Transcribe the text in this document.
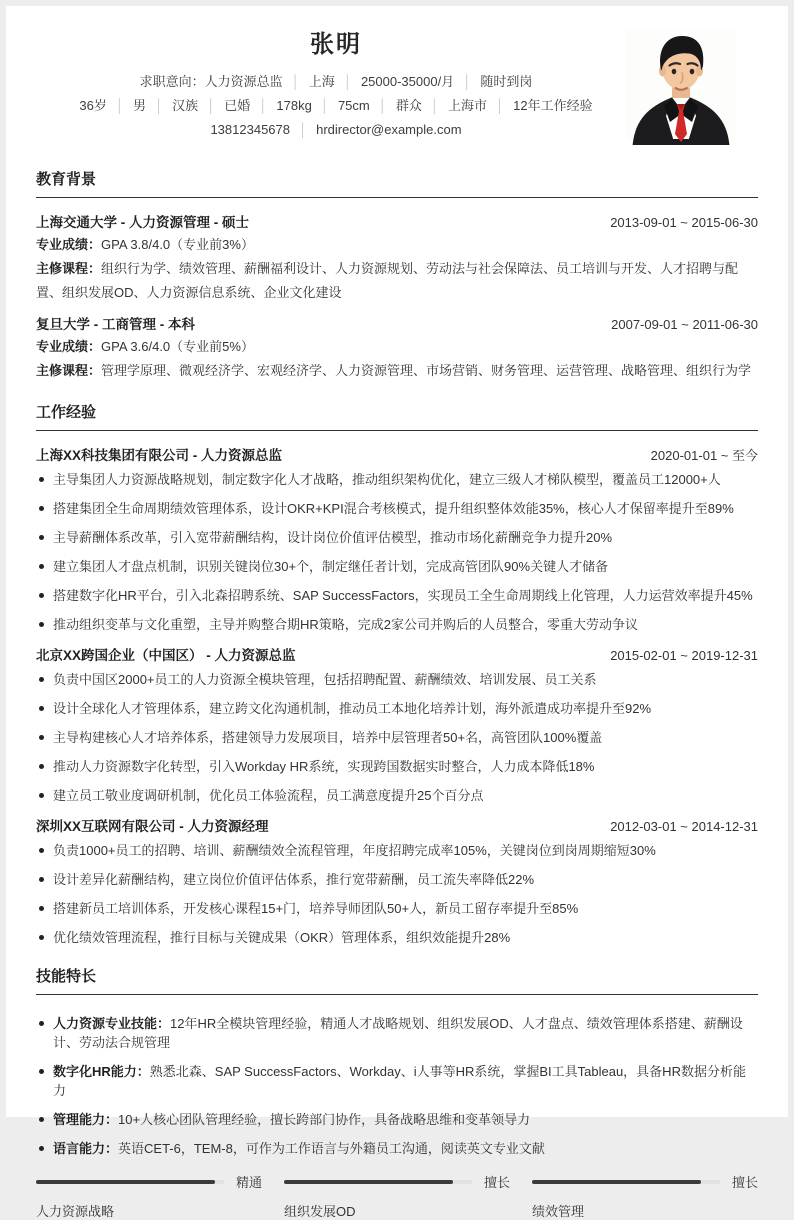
张明

求职意向：人力资源总监 │ 上海 │ 25000-35000/月 │ 随时到岗

36岁 │ 男 │ 汉族 │ 已婚 │ 178kg │ 75cm │ 群众 │ 上海市 │ 12年工作经验

13812345678 │ hrdirector@example.com

教育背景
上海交通大学 - 人力资源管理 - 硕士	2013-09-01 ~ 2015-06-30

专业成绩：GPA 3.8/4.0（专业前3%）

主修课程：组织行为学、绩效管理、薪酬福利设计、人力资源规划、劳动法与社会保障法、员工培训与开发、人才招聘与配置、组织发展OD、人力资源信息系统、企业文化建设

复旦大学 - 工商管理 - 本科	2007-09-01 ~ 2011-06-30

专业成绩：GPA 3.6/4.0（专业前5%）

主修课程：管理学原理、微观经济学、宏观经济学、人力资源管理、市场营销、财务管理、运营管理、战略管理、组织行为学

工作经验
上海XX科技集团有限公司 - 人力资源总监	2020-01-01 ~ 至今
主导集团人力资源战略规划，制定数字化人才战略，推动组织架构优化，建立三级人才梯队模型，覆盖员工12000+人
搭建集团全生命周期绩效管理体系，设计OKR+KPI混合考核模式，提升组织整体效能35%，核心人才保留率提升至89%
主导薪酬体系改革，引入宽带薪酬结构，设计岗位价值评估模型，推动市场化薪酬竞争力提升20%
建立集团人才盘点机制，识别关键岗位30+个，制定继任者计划，完成高管团队90%关键人才储备
搭建数字化HR平台，引入北森招聘系统、SAP SuccessFactors，实现员工全生命周期线上化管理，人力运营效率提升45%
推动组织变革与文化重塑，主导并购整合期HR策略，完成2家公司并购后的人员整合，零重大劳动争议
北京XX跨国企业（中国区） - 人力资源总监	2015-02-01 ~ 2019-12-31
负责中国区2000+员工的人力资源全模块管理，包括招聘配置、薪酬绩效、培训发展、员工关系
设计全球化人才管理体系，建立跨文化沟通机制，推动员工本地化培养计划，海外派遣成功率提升至92%
主导构建核心人才培养体系，搭建领导力发展项目，培养中层管理者50+名，高管团队100%覆盖
推动人力资源数字化转型，引入Workday HR系统，实现跨国数据实时整合，人力成本降低18%
建立员工敬业度调研机制，优化员工体验流程，员工满意度提升25个百分点
深圳XX互联网有限公司 - 人力资源经理	2012-03-01 ~ 2014-12-31
负责1000+员工的招聘、培训、薪酬绩效全流程管理，年度招聘完成率105%，关键岗位到岗周期缩短30%
设计差异化薪酬结构，建立岗位价值评估体系，推行宽带薪酬，员工流失率降低22%
搭建新员工培训体系，开发核心课程15+门，培养导师团队50+人，新员工留存率提升至85%
优化绩效管理流程，推行目标与关键成果（OKR）管理体系，组织效能提升28%
技能特长
人力资源专业技能：12年HR全模块管理经验，精通人才战略规划、组织发展OD、人才盘点、绩效管理体系搭建、薪酬设计、劳动法合规管理
数字化HR能力：熟悉北森、SAP SuccessFactors、Workday、i人事等HR系统，掌握BI工具Tableau，具备HR数据分析能力
管理能力：10+人核心团队管理经验，擅长跨部门协作，具备战略思维和变革领导力
语言能力：英语CET-6，TEM-8，可作为工作语言与外籍员工沟通，阅读英文专业文献
精通
人力资源战略
擅长
组织发展OD
擅长
绩效管理
